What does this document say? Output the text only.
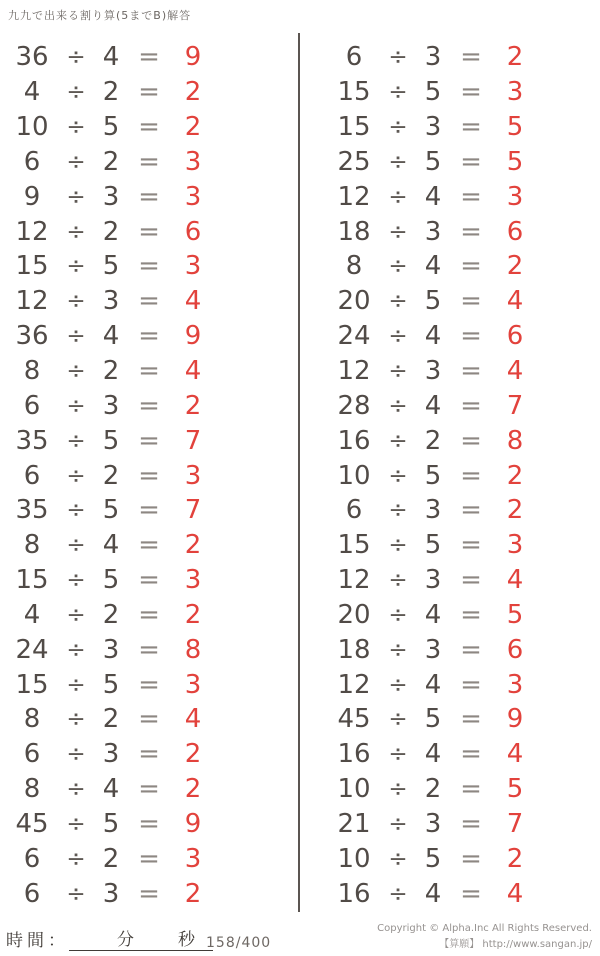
九九で出来る割り算(5までB)解答
36 ÷ 4 = 9
4	÷ 2 = 2
10 ÷ 5 = 2
6	÷ 2 = 3
9	÷ 3 = 3
12 ÷ 2 = 6
15 ÷ 5 = 3
12 ÷ 3 = 4
36 ÷ 4 = 9
8	÷ 2 = 4
6	÷ 3 = 2
35 ÷ 5 = 7
6	÷ 2 = 3
35 ÷ 5 = 7
8	÷ 4 = 2
15 ÷ 5 = 3
4	÷ 2 = 2
24 ÷ 3 = 8
15 ÷ 5 = 3
8	÷ 2 = 4
6	÷ 3 = 2
8	÷ 4 = 2
45 ÷ 5 = 9
6	÷ 2 = 3
6	÷ 3 = 2
6	÷ 3 = 2
15 ÷ 5 = 3
15 ÷ 3 = 5
25 ÷ 5 = 5
12 ÷ 4 = 3
18 ÷ 3 = 6
8	÷ 4 = 2
20 ÷ 5 = 4
24 ÷ 4 = 6
12 ÷ 3 = 4
28 ÷ 4 = 7
16 ÷ 2 = 8
10 ÷ 5 = 2
6	÷ 3 = 2
15 ÷ 5 = 3
12 ÷ 3 = 4
20 ÷ 4 = 5
18 ÷ 3 = 6
12 ÷ 4 = 3
45 ÷ 5 = 9
16 ÷ 4 = 4
10 ÷ 2 = 5
21 ÷ 3 = 7
10 ÷ 5 = 2
16 ÷ 4 = 4
時間：	分	秒 158/400
Copyright © Alpha.Inc All Rights Reserved.
【算願】 http://www.sangan.jp/
